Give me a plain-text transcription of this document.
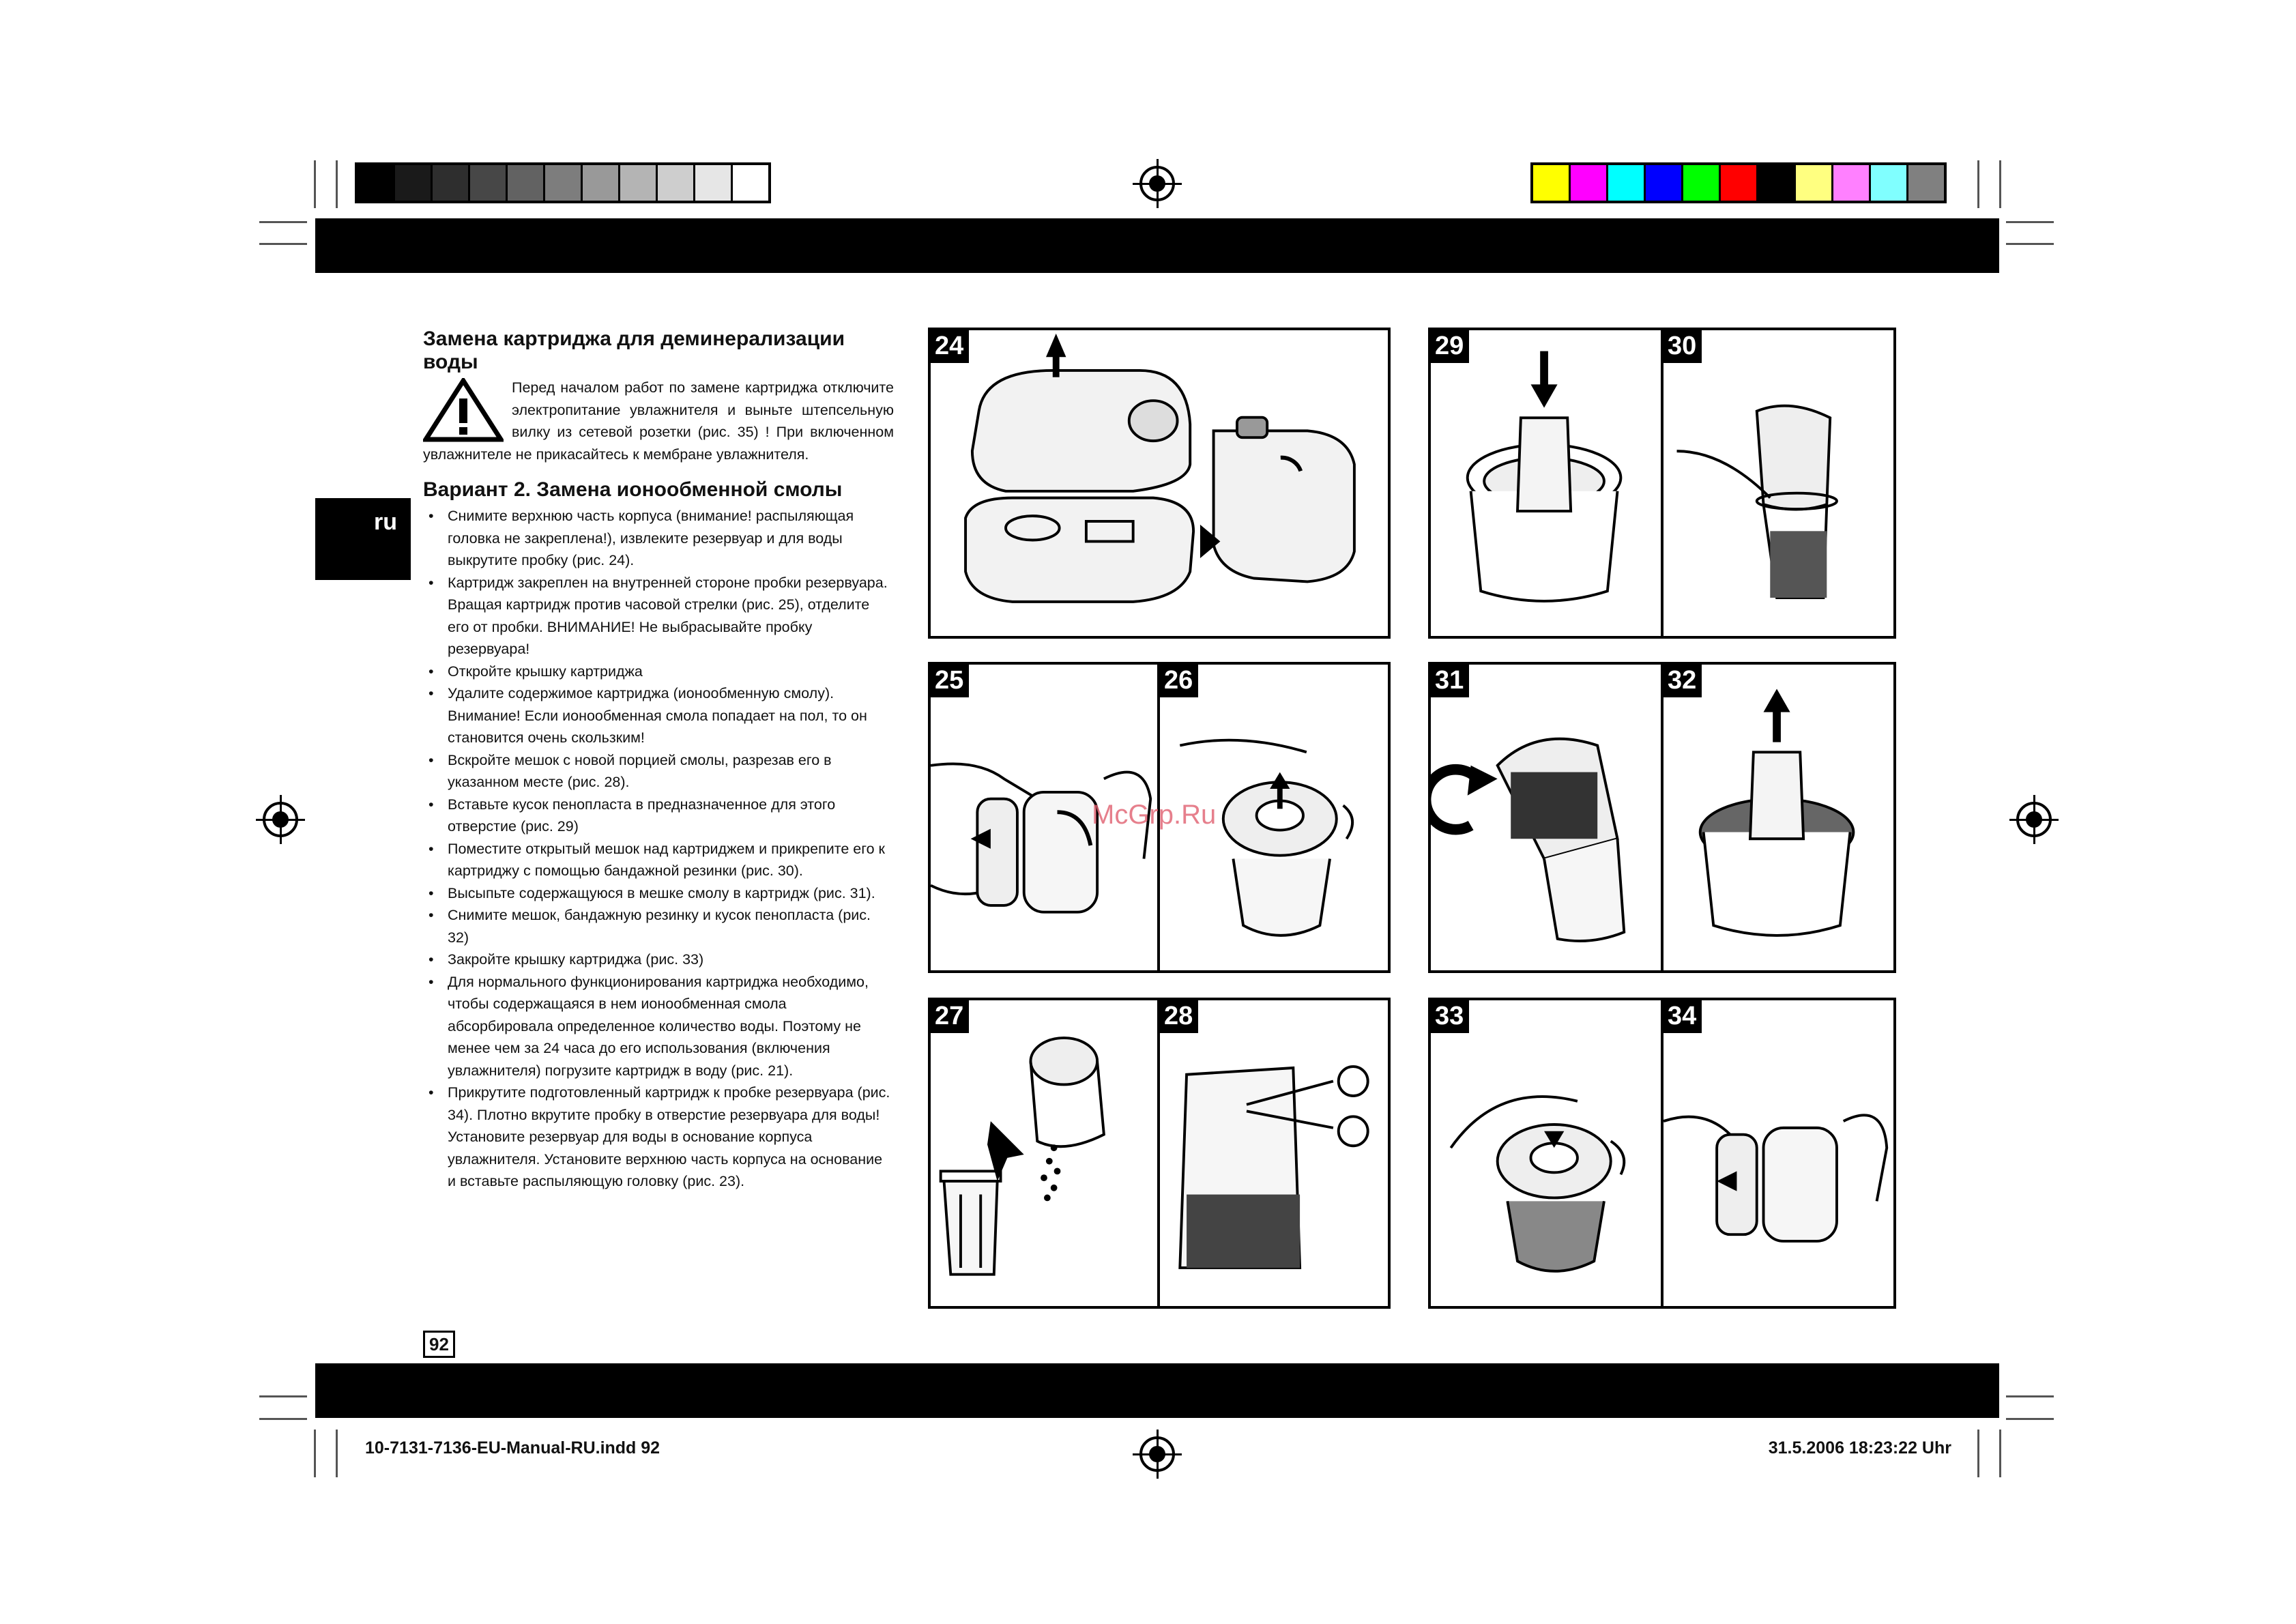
ru
Замена картриджа для деминерализации воды

Перед началом работ по замене картриджа отключите электропитание увлажнителя и выньте штепсельную вилку из сетевой розетки (рис. 35) ! При включенном увлажнителе не прикасайтесь к мембране увлажнителя.

Вариант 2. Замена ионообменной смолы
• Снимите верхнюю часть корпуса (внимание! распыляющая головка не закреплена!), извлеките резервуар и для воды выкрутите пробку (рис. 24).
• Картридж закреплен на внутренней стороне пробки резервуара. Вращая картридж против часовой стрелки (рис. 25), отделите его от пробки. ВНИМАНИЕ! Не выбрасывайте пробку резервуара!
• Откройте крышку картриджа
• Удалите содержимое картриджа (ионообменную смолу). Внимание! Если ионообменная смола попадает на пол, то он становится очень скользким!
• Вскройте мешок с новой порцией смолы, разрезав его в указанном месте (рис. 28).
• Вставьте кусок пенопласта в предназначенное для этого отверстие (рис. 29)
• Поместите открытый мешок над картриджем и прикрепите его к картриджу с помощью бандажной резинки (рис. 30).
• Высыпьте содержащуюся в мешке смолу в картридж (рис. 31).
• Снимите мешок, бандажную резинку и кусок пенопласта (рис. 32)
• Закройте крышку картриджа (рис. 33)
• Для нормального функционирования картриджа необходимо, чтобы содержащаяся в нем ионообменная смола абсорбировала определенное количество воды. Поэтому не менее чем за 24 часа до его использования (включения увлажнителя) погрузите картридж в воду (рис. 21).
• Прикрутите подготовленный картридж к пробке резервуара (рис. 34). Плотно вкрутите пробку в отверстие резервуара для воды! Установите резервуар для воды в основание корпуса увлажнителя. Установите верхнюю часть корпуса на основание и вставьте распыляющую головку (рис. 23).
24
25	26
27	28
29	30
31	32
33	34
McGrp.Ru
92
10-7131-7136-EU-Manual-RU.indd 92	31.5.2006 18:23:22 Uhr
